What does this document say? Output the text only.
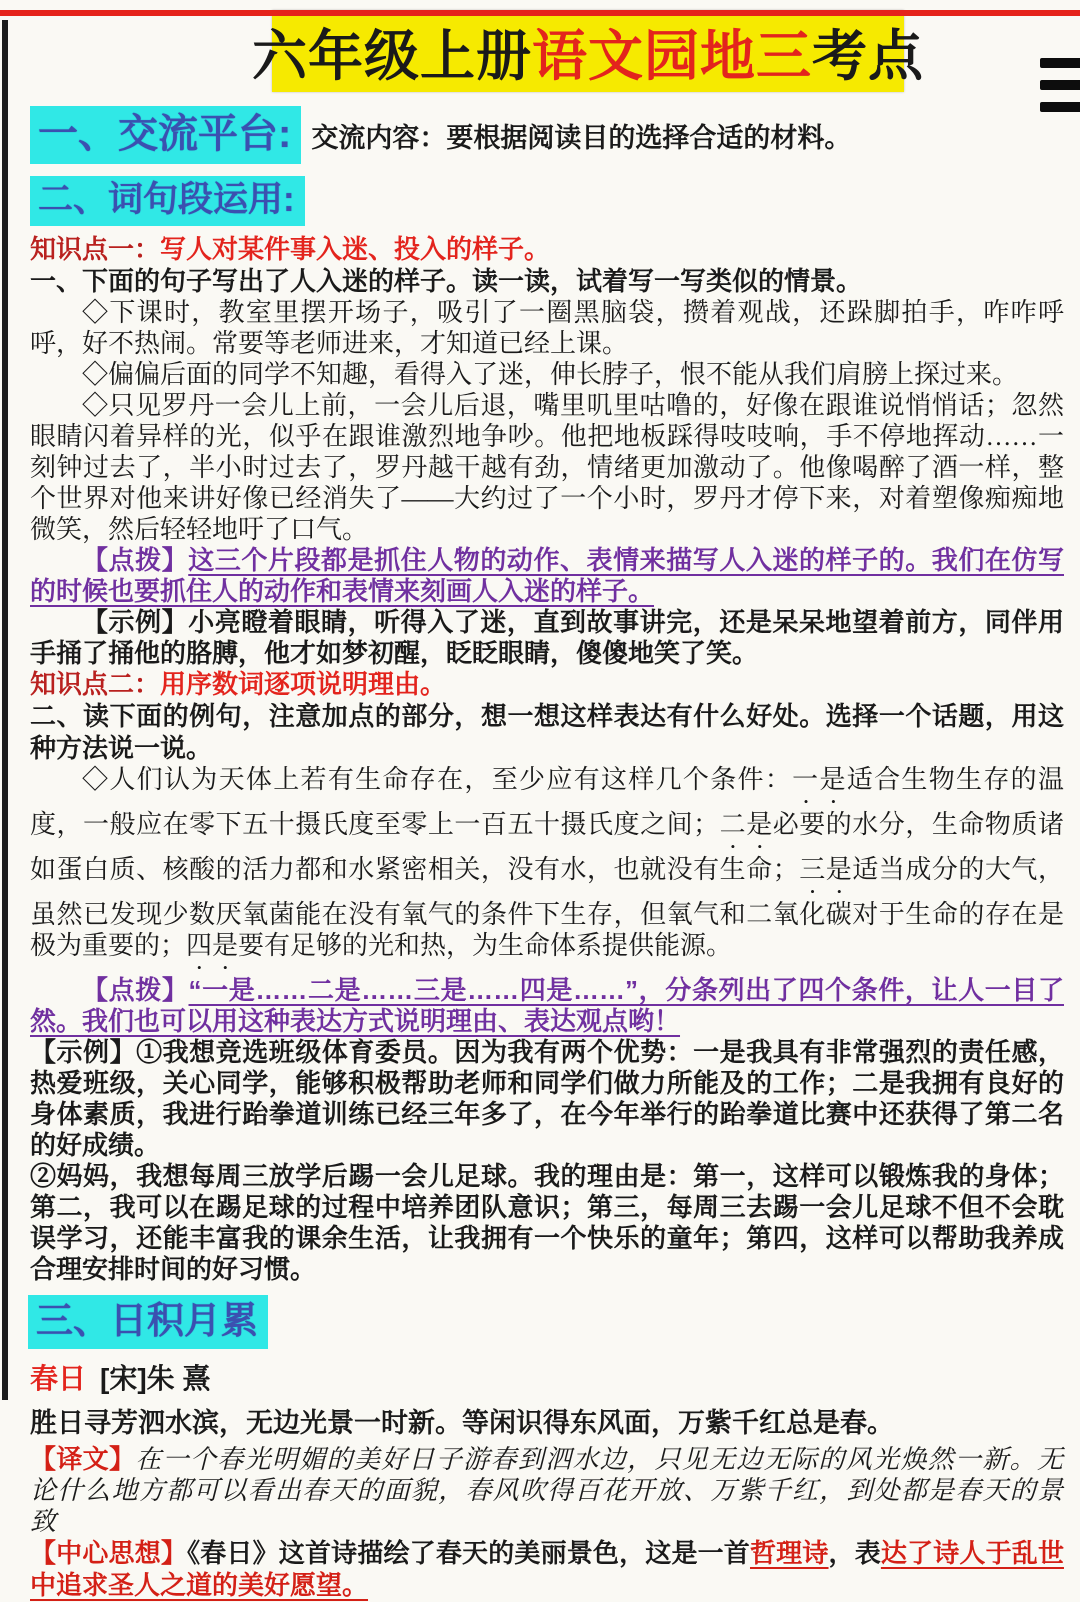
六年级上册语文园地三考点
一、交流平台: 交流内容：要根据阅读目的选择合适的材料。
二、词句段运用:

知识点一：写人对某件事入迷、投入的样子。

一、下面的句子写出了人入迷的样子。读一读，试着写一写类似的情景。

◇下课时，教室里摆开场子，吸引了一圈黑脑袋，攒着观战，还跺脚拍手，咋咋呼呼，好不热闹。常要等老师进来，才知道已经上课。

◇偏偏后面的同学不知趣，看得入了迷，伸长脖子，恨不能从我们肩膀上探过来。

◇只见罗丹一会儿上前，一会儿后退，嘴里叽里咕噜的，好像在跟谁说悄悄话；忽然眼睛闪着异样的光，似乎在跟谁激烈地争吵。他把地板踩得吱吱响，手不停地挥动……一刻钟过去了，半小时过去了，罗丹越干越有劲，情绪更加激动了。他像喝醉了酒一样，整个世界对他来讲好像已经消失了——大约过了一个小时，罗丹才停下来，对着塑像痴痴地微笑，然后轻轻地吁了口气。

【点拨】这三个片段都是抓住人物的动作、表情来描写人入迷的样子的。我们在仿写的时候也要抓住人的动作和表情来刻画人入迷的样子。

【示例】小亮瞪着眼睛，听得入了迷，直到故事讲完，还是呆呆地望着前方，同伴用手捅了捅他的胳膊，他才如梦初醒，眨眨眼睛，傻傻地笑了笑。

知识点二：用序数词逐项说明理由。

二、读下面的例句，注意加点的部分，想一想这样表达有什么好处。选择一个话题，用这种方法说一说。

◇人们认为天体上若有生命存在，至少应有这样几个条件：一是适合生物生存的温度，一般应在零下五十摄氏度至零上一百五十摄氏度之间；二是必要的水分，生命物质诸如蛋白质、核酸的活力都和水紧密相关，没有水，也就没有生命；三是适当成分的大气，虽然已发现少数厌氧菌能在没有氧气的条件下生存，但氧气和二氧化碳对于生命的存在是极为重要的；四是要有足够的光和热，为生命体系提供能源。

【点拨】“一是……二是……三是……四是……”，分条列出了四个条件，让人一目了然。我们也可以用这种表达方式说明理由、表达观点哟！

【示例】①我想竞选班级体育委员。因为我有两个优势：一是我具有非常强烈的责任感，热爱班级，关心同学，能够积极帮助老师和同学们做力所能及的工作；二是我拥有良好的身体素质，我进行跆拳道训练已经三年多了，在今年举行的跆拳道比赛中还获得了第二名的好成绩。

②妈妈，我想每周三放学后踢一会儿足球。我的理由是：第一，这样可以锻炼我的身体；第二，我可以在踢足球的过程中培养团队意识；第三，每周三去踢一会儿足球不但不会耽误学习，还能丰富我的课余生活，让我拥有一个快乐的童年；第四，这样可以帮助我养成合理安排时间的好习惯。

三、日积月累

春日 [宋]朱 熹

胜日寻芳泗水滨，无边光景一时新。等闲识得东风面，万紫千红总是春。

【译文】在一个春光明媚的美好日子游春到泗水边，只见无边无际的风光焕然一新。无论什么地方都可以看出春天的面貌，春风吹得百花开放、万紫千红，到处都是春天的景致

【中心思想】《春日》这首诗描绘了春天的美丽景色，这是一首哲理诗，表达了诗人于乱世中追求圣人之道的美好愿望。
